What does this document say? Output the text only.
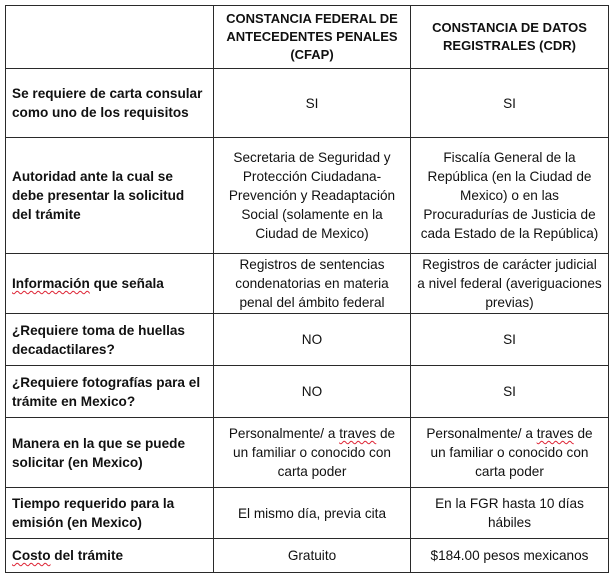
	CONSTANCIA FEDERAL DE ANTECEDENTES PENALES (CFAP)	CONSTANCIA DE DATOS REGISTRALES (CDR)
Se requiere de carta consular como uno de los requisitos	SI	SI
Autoridad ante la cual se debe presentar la solicitud del trámite	Secretaria de Seguridad y Protección Ciudadana-Prevención y Readaptación Social (solamente en la Ciudad de Mexico)	Fiscalía General de la República (en la Ciudad de Mexico) o en las Procuradurías de Justicia de cada Estado de la República)
Información que señala	Registros de sentencias condenatorias en materia penal del ámbito federal	Registros de carácter judicial a nivel federal (averiguaciones previas)
¿Requiere toma de huellas decadactilares?	NO	SI
¿Requiere fotografías para el trámite en Mexico?	NO	SI
Manera en la que se puede solicitar (en Mexico)	Personalmente/ a traves de un familiar o conocido con carta poder	Personalmente/ a traves de un familiar o conocido con carta poder
Tiempo requerido para la emisión (en Mexico)	El mismo día, previa cita	En la FGR hasta 10 días hábiles
Costo del trámite	Gratuito	$184.00 pesos mexicanos
